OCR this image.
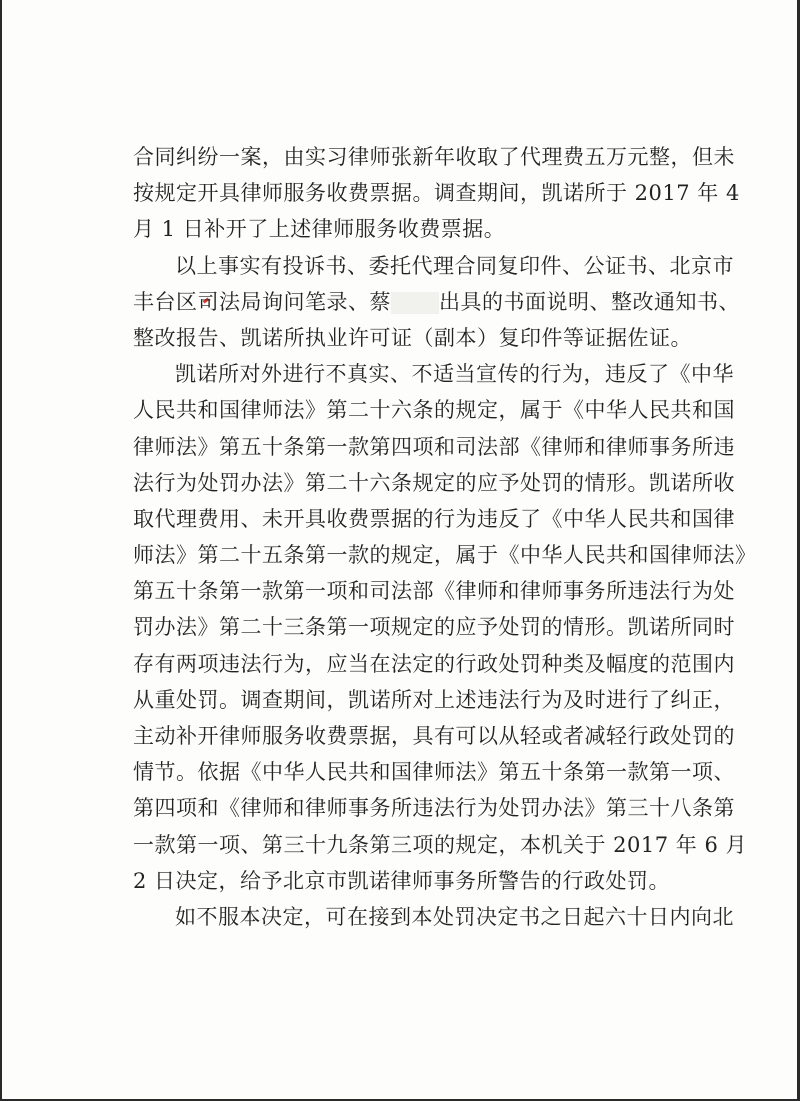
合同纠纷一案，由实习律师张新年收取了代理费五万元整，但未
按规定开具律师服务收费票据。调查期间，凯诺所于 2017 年 4
月 1 日补开了上述律师服务收费票据。
以上事实有投诉书、委托代理合同复印件、公证书、北京市
丰台区司法局询问笔录、蔡 出具的书面说明、整改通知书、
整改报告、凯诺所执业许可证（副本）复印件等证据佐证。
凯诺所对外进行不真实、不适当宣传的行为，违反了《中华
人民共和国律师法》第二十六条的规定，属于《中华人民共和国
律师法》第五十条第一款第四项和司法部《律师和律师事务所违
法行为处罚办法》第二十六条规定的应予处罚的情形。凯诺所收
取代理费用、未开具收费票据的行为违反了《中华人民共和国律
师法》第二十五条第一款的规定，属于《中华人民共和国律师法》
第五十条第一款第一项和司法部《律师和律师事务所违法行为处
罚办法》第二十三条第一项规定的应予处罚的情形。凯诺所同时
存有两项违法行为，应当在法定的行政处罚种类及幅度的范围内
从重处罚。调查期间，凯诺所对上述违法行为及时进行了纠正，
主动补开律师服务收费票据，具有可以从轻或者减轻行政处罚的
情节。依据《中华人民共和国律师法》第五十条第一款第一项、
第四项和《律师和律师事务所违法行为处罚办法》第三十八条第
一款第一项、第三十九条第三项的规定，本机关于 2017 年 6 月
2 日决定，给予北京市凯诺律师事务所警告的行政处罚。
如不服本决定，可在接到本处罚决定书之日起六十日内向北
